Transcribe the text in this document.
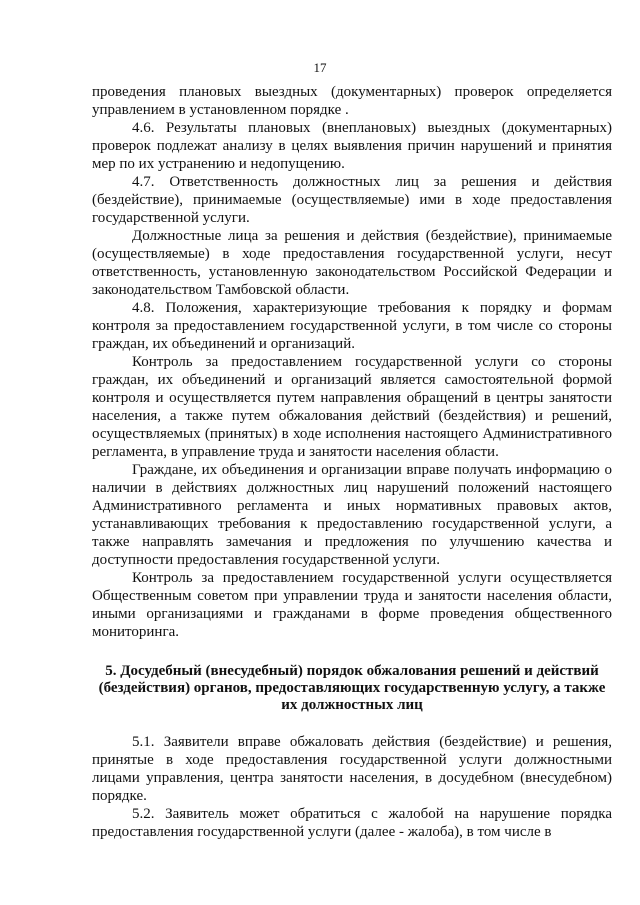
17

проведения плановых выездных (документарных) проверок определяется управлением в установленном порядке .

4.6. Результаты плановых (внеплановых) выездных (документарных) проверок подлежат анализу в целях выявления причин нарушений и принятия мер по их устранению и недопущению.

4.7. Ответственность должностных лиц за решения и действия (бездействие), принимаемые (осуществляемые) ими в ходе предоставления государственной услуги.

Должностные лица за решения и действия (бездействие), принимаемые (осуществляемые) в ходе предоставления государственной услуги, несут ответственность, установленную законодательством Российской Федерации и законодательством Тамбовской области.

4.8. Положения, характеризующие требования к порядку и формам контроля за предоставлением государственной услуги, в том числе со стороны граждан, их объединений и организаций.

Контроль за предоставлением государственной услуги со стороны граждан, их объединений и организаций является самостоятельной формой контроля и осуществляется путем направления обращений в центры занятости населения, а также путем обжалования действий (бездействия) и решений, осуществляемых (принятых) в ходе исполнения настоящего Административного регламента, в управление труда и занятости населения области.

Граждане, их объединения и организации вправе получать информацию о наличии в действиях должностных лиц нарушений положений настоящего Административного регламента и иных нормативных правовых актов, устанавливающих требования к предоставлению государственной услуги, а также направлять замечания и предложения по улучшению качества и доступности предоставления государственной услуги.

Контроль за предоставлением государственной услуги осуществляется Общественным советом при управлении труда и занятости населения области, иными организациями и гражданами в форме проведения общественного мониторинга.

5. Досудебный (внесудебный) порядок обжалования решений и действий (бездействия) органов, предоставляющих государственную услугу, а также их должностных лиц

5.1. Заявители вправе обжаловать действия (бездействие) и решения, принятые в ходе предоставления государственной услуги должностными лицами управления, центра занятости населения, в досудебном (внесудебном) порядке.

5.2. Заявитель может обратиться с жалобой на нарушение порядка предоставления государственной услуги (далее - жалоба), в том числе в
